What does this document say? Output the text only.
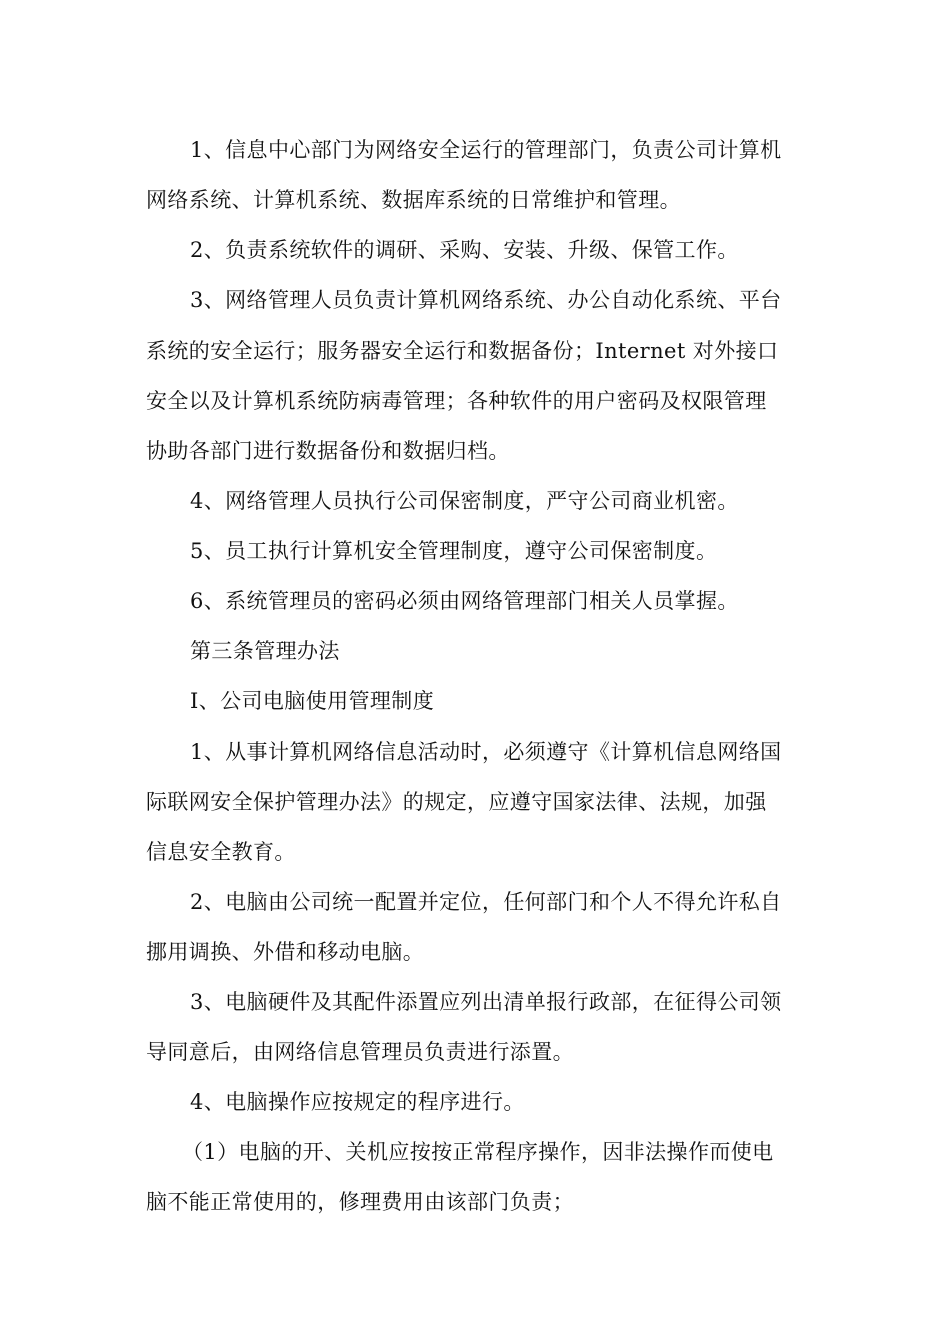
1、信息中心部门为网络安全运行的管理部门，负责公司计算机
网络系统、计算机系统、数据库系统的日常维护和管理。
2、负责系统软件的调研、采购、安装、升级、保管工作。
3、网络管理人员负责计算机网络系统、办公自动化系统、平台
系统的安全运行；服务器安全运行和数据备份；Internet 对外接口
安全以及计算机系统防病毒管理；各种软件的用户密码及权限管理
协助各部门进行数据备份和数据归档。
4、网络管理人员执行公司保密制度，严守公司商业机密。
5、员工执行计算机安全管理制度，遵守公司保密制度。
6、系统管理员的密码必须由网络管理部门相关人员掌握。
第三条管理办法
I、公司电脑使用管理制度
1、从事计算机网络信息活动时，必须遵守《计算机信息网络国
际联网安全保护管理办法》的规定，应遵守国家法律、法规，加强
信息安全教育。
2、电脑由公司统一配置并定位，任何部门和个人不得允许私自
挪用调换、外借和移动电脑。
3、电脑硬件及其配件添置应列出清单报行政部，在征得公司领
导同意后，由网络信息管理员负责进行添置。
4、电脑操作应按规定的程序进行。
（1）电脑的开、关机应按按正常程序操作，因非法操作而使电
脑不能正常使用的，修理费用由该部门负责；
